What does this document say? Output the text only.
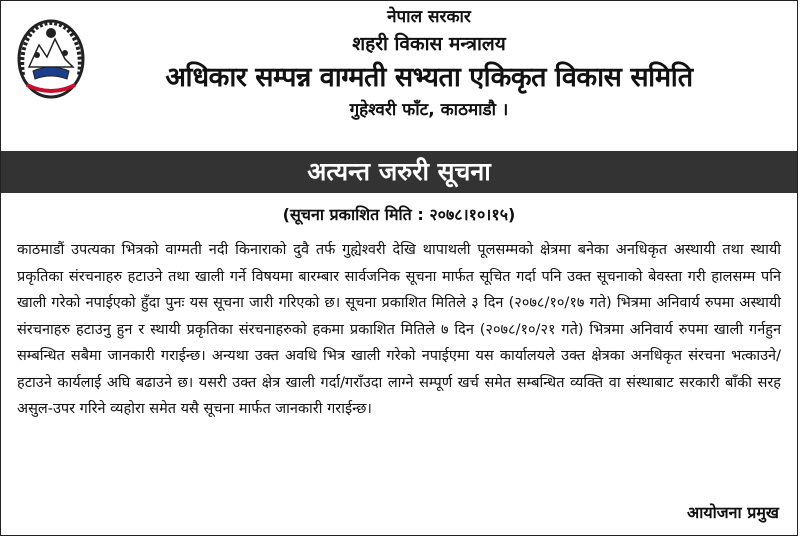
नेपाल सरकार
शहरी विकास मन्त्रालय
अधिकार सम्पन्न वाग्मती सभ्यता एकिकृत विकास समिति
गुहेश्वरी फाँट, काठमाडौ ।
अत्यन्त जरुरी सूचना
(सूचना प्रकाशित मिति : २०७८।१०।१५)
काठमाडौं उपत्यका भित्रको वाग्मती नदी किनाराको दुवै तर्फ गुह्येश्वरी देखि थापाथली पूलसम्मको क्षेत्रमा बनेका अनधिकृत अस्थायी तथा स्थायी प्रकृतिका संरचनाहरु हटाउने तथा खाली गर्ने विषयमा बारम्बार सार्वजनिक सूचना मार्फत सूचित गर्दा पनि उक्त सूचनाको बेवस्ता गरी हालसम्म पनि खाली गरेको नपाईएको हुँदा पुनः यस सूचना जारी गरिएको छ। सूचना प्रकाशित मितिले ३ दिन (२०७८/१०/१७ गते) भित्रमा अनिवार्य रुपमा अस्थायी संरचनाहरु हटाउनु हुन र स्थायी प्रकृतिका संरचनाहरुको हकमा प्रकाशित मितिले ७ दिन (२०७८/१०/२१ गते) भित्रमा अनिवार्य रुपमा खाली गर्नहुन सम्बन्धित सबैमा जानकारी गराईन्छ। अन्यथा उक्त अवधि भित्र खाली गरेको नपाईएमा यस कार्यालयले उक्त क्षेत्रका अनधिकृत संरचना भत्काउने/हटाउने कार्यलाई अघि बढाउने छ। यसरी उक्त क्षेत्र खाली गर्दा/गराँउदा लाग्ने सम्पूर्ण खर्च समेत सम्बन्धित व्यक्ति वा संस्थाबाट सरकारी बाँकी सरह असुल-उपर गरिने व्यहोरा समेत यसै सूचना मार्फत जानकारी गराईन्छ।
आयोजना प्रमुख
